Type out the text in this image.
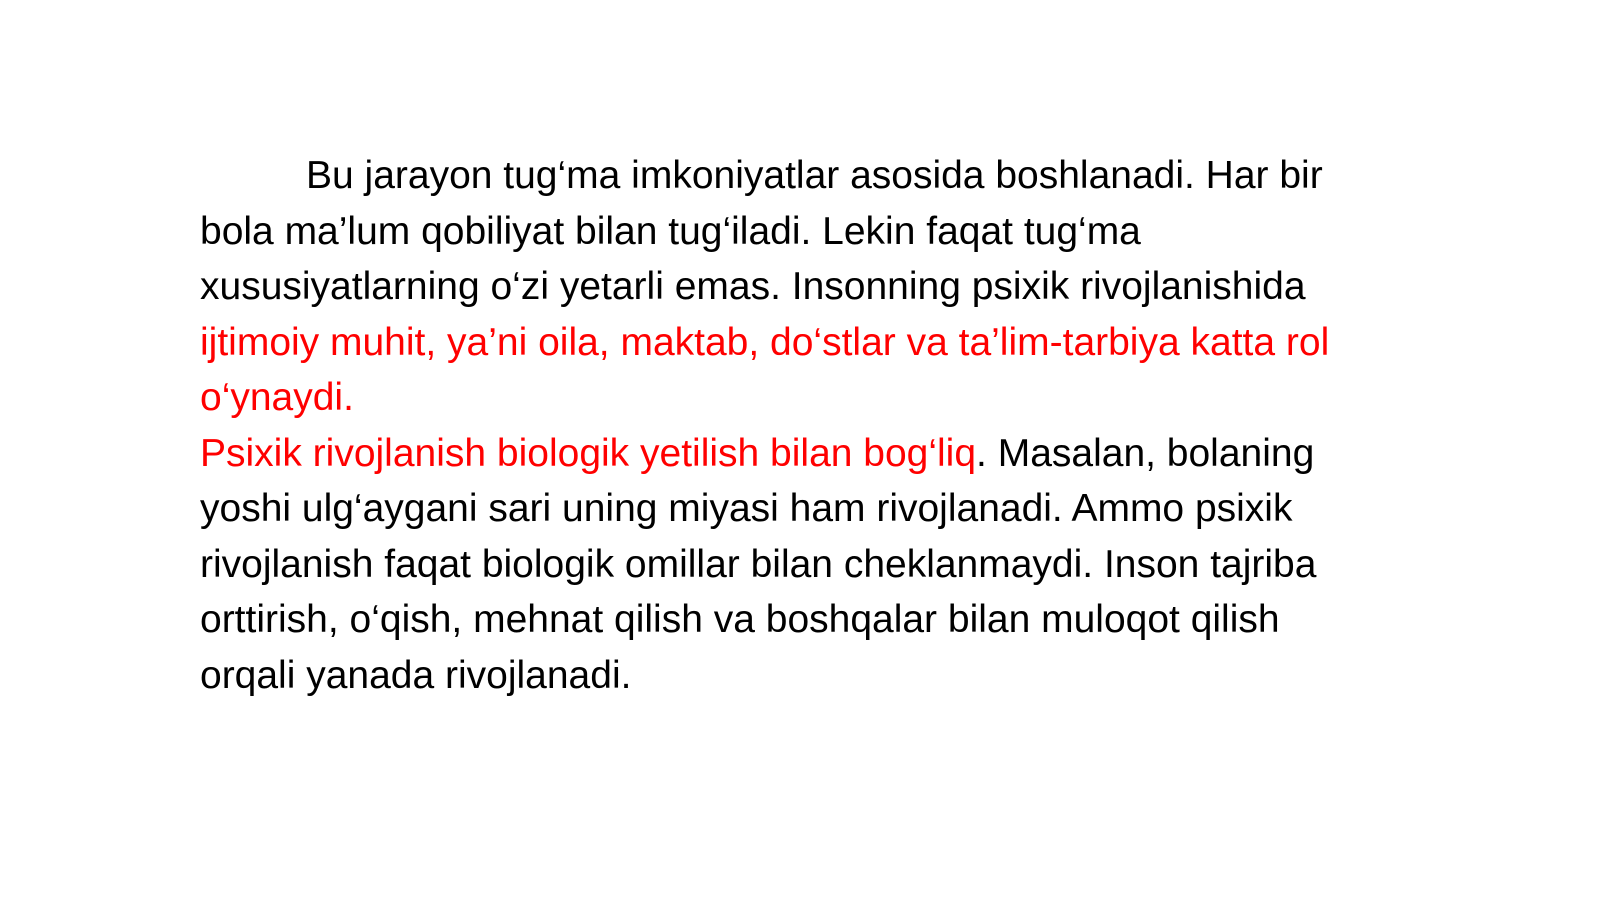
Bu jarayon tug‘ma imkoniyatlar asosida boshlanadi. Har bir bola ma’lum qobiliyat bilan tug‘iladi. Lekin faqat tug‘ma xususiyatlarning o‘zi yetarli emas. Insonning psixik rivojlanishida ijtimoiy muhit, ya’ni oila, maktab, do‘stlar va ta’lim-tarbiya katta rol o‘ynaydi.

Psixik rivojlanish biologik yetilish bilan bog‘liq. Masalan, bolaning yoshi ulg‘aygani sari uning miyasi ham rivojlanadi. Ammo psixik rivojlanish faqat biologik omillar bilan cheklanmaydi. Inson tajriba orttirish, o‘qish, mehnat qilish va boshqalar bilan muloqot qilish orqali yanada rivojlanadi.
